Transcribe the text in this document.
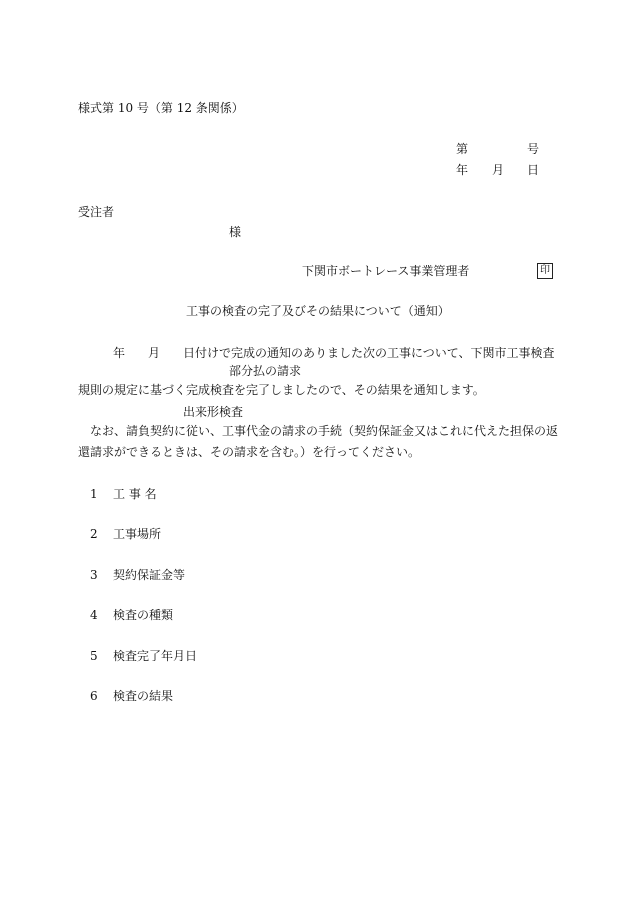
様式第 10 号（第 12 条関係）
第	号
年 月 日
受注者
様
下関市ボートレース事業管理者	印
工事の検査の完了及びその結果について（通知）
年 月 日付けで完成の通知のありました次の工事について、下関市工事検査
部分払の請求
規則の規定に基づく完成検査を完了しましたので、その結果を通知します。
出来形検査
なお、請負契約に従い、工事代金の請求の手続（契約保証金又はこれに代えた担保の返
還請求ができるときは、その請求を含む。）を行ってください。
1 工 事 名
2 工事場所
3 契約保証金等
4 検査の種類
5 検査完了年月日
6 検査の結果
